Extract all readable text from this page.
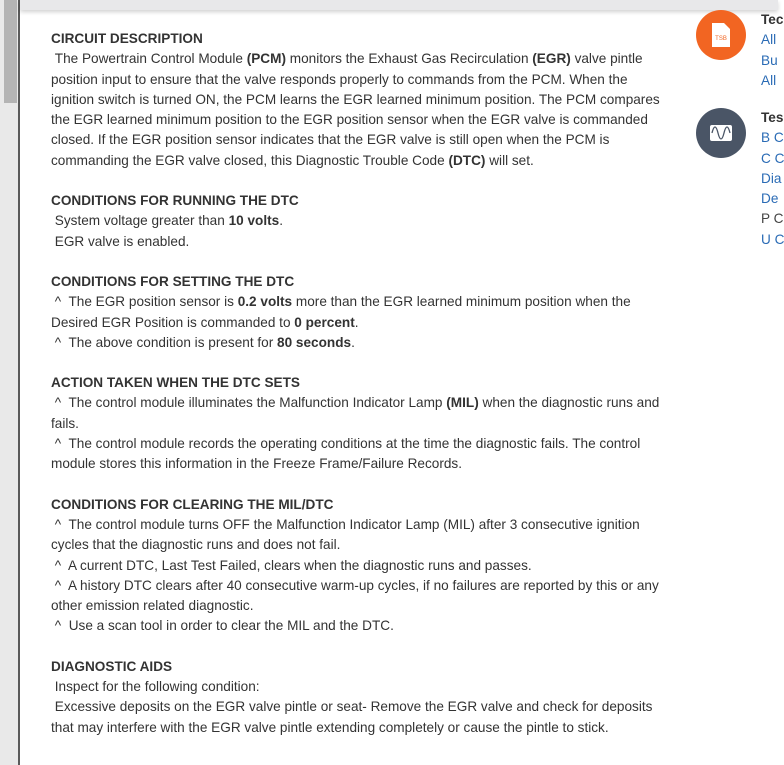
CIRCUIT DESCRIPTION

The Powertrain Control Module (PCM) monitors the Exhaust Gas Recirculation (EGR) valve pintle position input to ensure that the valve responds properly to commands from the PCM. When the ignition switch is turned ON, the PCM learns the EGR learned minimum position. The PCM compares the EGR learned minimum position to the EGR position sensor when the EGR valve is commanded closed. If the EGR position sensor indicates that the EGR valve is still open when the PCM is commanding the EGR valve closed, this Diagnostic Trouble Code (DTC) will set.

CONDITIONS FOR RUNNING THE DTC

System voltage greater than 10 volts.

EGR valve is enabled.

CONDITIONS FOR SETTING THE DTC

^  The EGR position sensor is 0.2 volts more than the EGR learned minimum position when the Desired EGR Position is commanded to 0 percent.

^  The above condition is present for 80 seconds.

ACTION TAKEN WHEN THE DTC SETS

^  The control module illuminates the Malfunction Indicator Lamp (MIL) when the diagnostic runs and fails.

^  The control module records the operating conditions at the time the diagnostic fails. The control module stores this information in the Freeze Frame/Failure Records.

CONDITIONS FOR CLEARING THE MIL/DTC

^  The control module turns OFF the Malfunction Indicator Lamp (MIL) after 3 consecutive ignition cycles that the diagnostic runs and does not fail.

^  A current DTC, Last Test Failed, clears when the diagnostic runs and passes.

^  A history DTC clears after 40 consecutive warm-up cycles, if no failures are reported by this or any other emission related diagnostic.

^  Use a scan tool in order to clear the MIL and the DTC.

DIAGNOSTIC AIDS

Inspect for the following condition:

Excessive deposits on the EGR valve pintle or seat- Remove the EGR valve and check for deposits that may interfere with the EGR valve pintle extending completely or cause the pintle to stick.

TSB
Tec
All
Bu
All
Tes
B C
C C
Dia
De
P C
U C
